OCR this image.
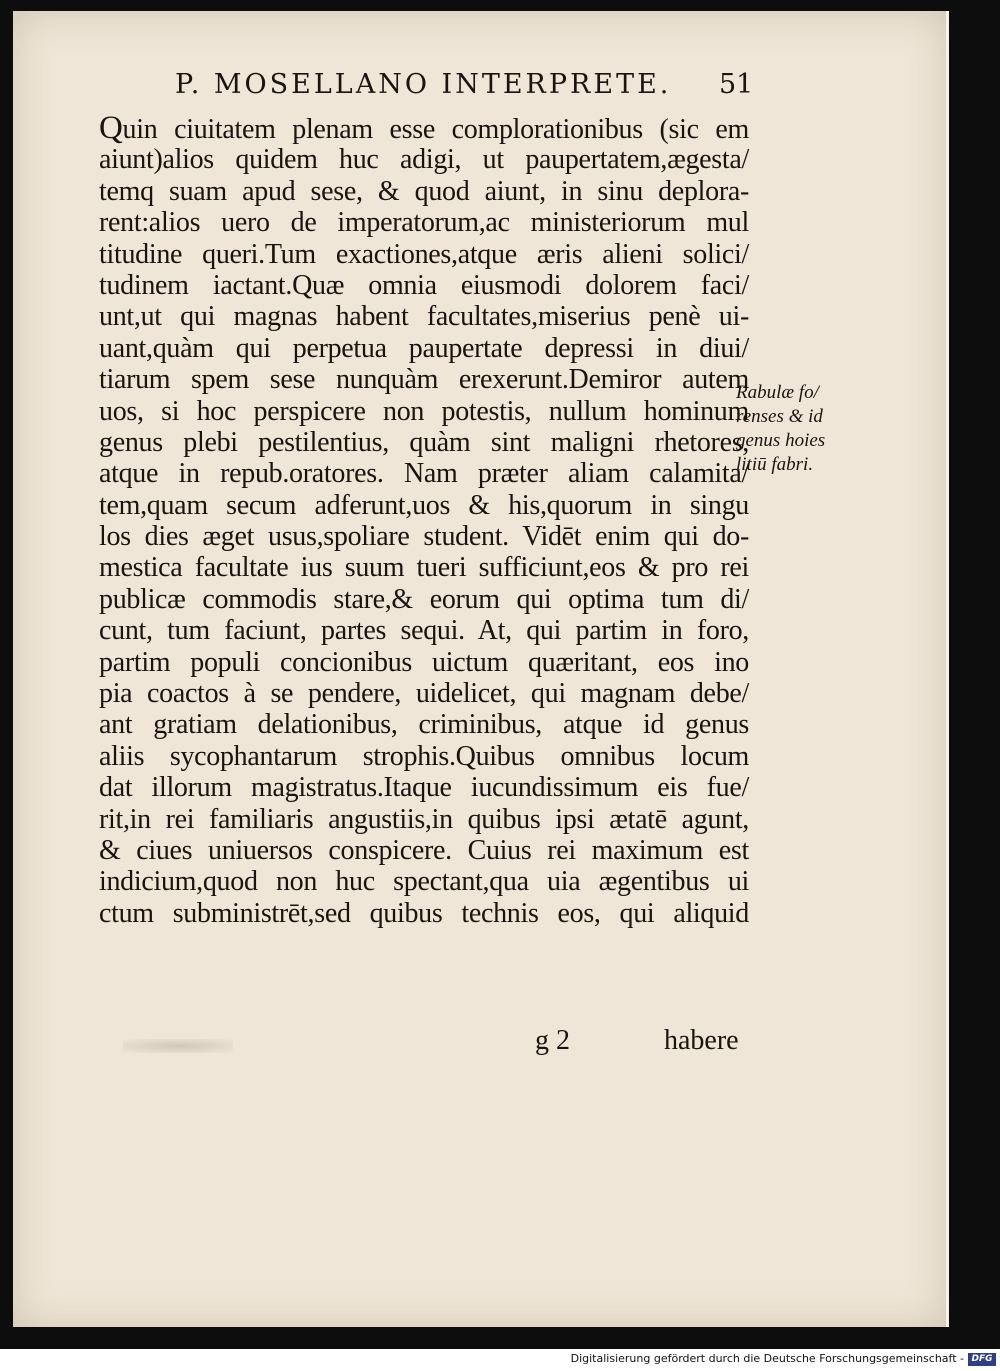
P. MOSELLANO INTERPRETE. 51
Quin ciuitatem plenam esse complorationibus (sic em
aiunt)alios quidem huc adigi, ut paupertatem,ægesta/
temq suam apud sese, & quod aiunt, in sinu deplora-
rent:alios uero de imperatorum,ac ministeriorum mul
titudine queri.Tum exactiones,atque æris alieni solici/
tudinem iactant.Quæ omnia eiusmodi dolorem faci/
unt,ut qui magnas habent facultates,miserius penè ui-
uant,quàm qui perpetua paupertate depressi in diui/
tiarum spem sese nunquàm erexerunt.Demiror autem
uos, si hoc perspicere non potestis, nullum hominum
genus plebi pestilentius, quàm sint maligni rhetores,
atque in repub.oratores. Nam præter aliam calamita/
tem,quam secum adferunt,uos & his,quorum in singu
los dies æget usus,spoliare student. Vidēt enim qui do-
mestica facultate ius suum tueri sufficiunt,eos & pro rei
publicæ commodis stare,& eorum qui optima tum di/
cunt, tum faciunt, partes sequi. At, qui partim in foro,
partim populi concionibus uictum quæritant, eos ino
pia coactos à se pendere, uidelicet, qui magnam debe/
ant gratiam delationibus, criminibus, atque id genus
aliis sycophantarum strophis.Quibus omnibus locum
dat illorum magistratus.Itaque iucundissimum eis fue/
rit,in rei familiaris angustiis,in quibus ipsi ætatē agunt,
& ciues uniuersos conspicere. Cuius rei maximum est
indicium,quod non huc spectant,qua uia ægentibus ui
ctum subministrēt,sed quibus technis eos, qui aliquid
Rabulæ fo/
renses & id
genus hoies
litiū fabri.
g 2	habere
Digitalisierung gefördert durch die Deutsche Forschungsgemeinschaft - DFG
